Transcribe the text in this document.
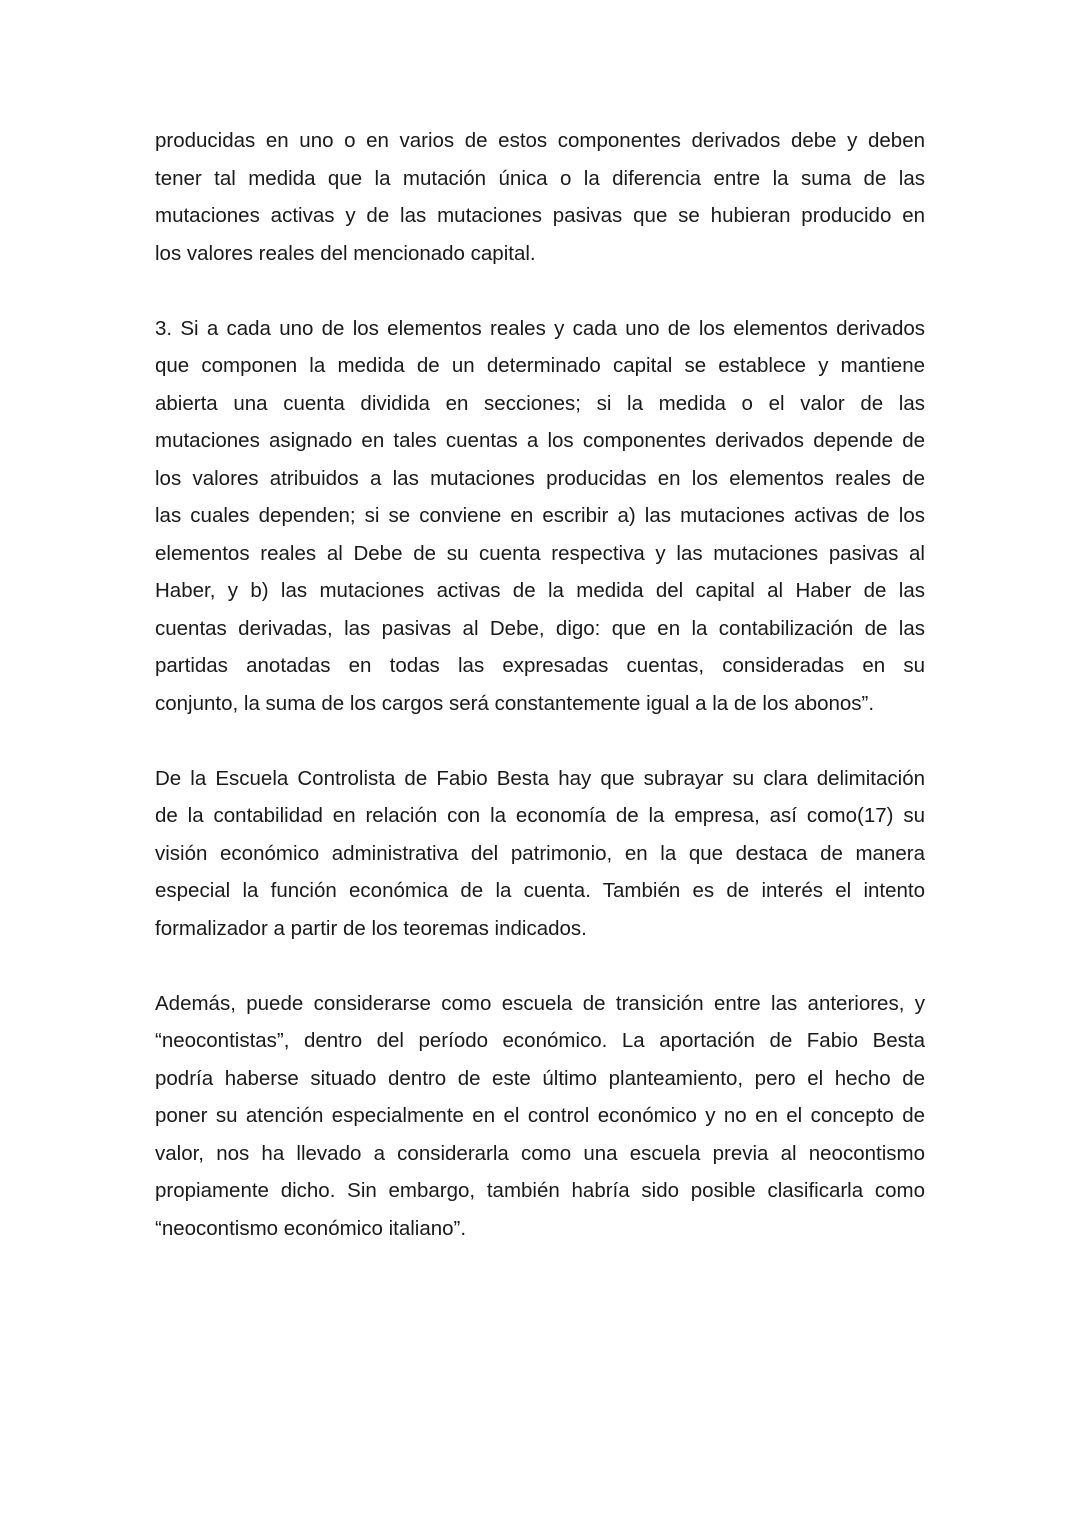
producidas en uno o en varios de estos componentes derivados debe y deben
tener tal medida que la mutación única o la diferencia entre la suma de las
mutaciones activas y de las mutaciones pasivas que se hubieran producido en
los valores reales del mencionado capital.
3. Si a cada uno de los elementos reales y cada uno de los elementos derivados
que componen la medida de un determinado capital se establece y mantiene
abierta una cuenta dividida en secciones; si la medida o el valor de las
mutaciones asignado en tales cuentas a los componentes derivados depende de
los valores atribuidos a las mutaciones producidas en los elementos reales de
las cuales dependen; si se conviene en escribir a) las mutaciones activas de los
elementos reales al Debe de su cuenta respectiva y las mutaciones pasivas al
Haber, y b) las mutaciones activas de la medida del capital al Haber de las
cuentas derivadas, las pasivas al Debe, digo: que en la contabilización de las
partidas anotadas en todas las expresadas cuentas, consideradas en su
conjunto, la suma de los cargos será constantemente igual a la de los abonos”.
De la Escuela Controlista de Fabio Besta hay que subrayar su clara delimitación
de la contabilidad en relación con la economía de la empresa, así como(17) su
visión económico administrativa del patrimonio, en la que destaca de manera
especial la función económica de la cuenta. También es de interés el intento
formalizador a partir de los teoremas indicados.
Además, puede considerarse como escuela de transición entre las anteriores, y
“neocontistas”, dentro del período económico. La aportación de Fabio Besta
podría haberse situado dentro de este último planteamiento, pero el hecho de
poner su atención especialmente en el control económico y no en el concepto de
valor, nos ha llevado a considerarla como una escuela previa al neocontismo
propiamente dicho. Sin embargo, también habría sido posible clasificarla como
“neocontismo económico italiano”.
